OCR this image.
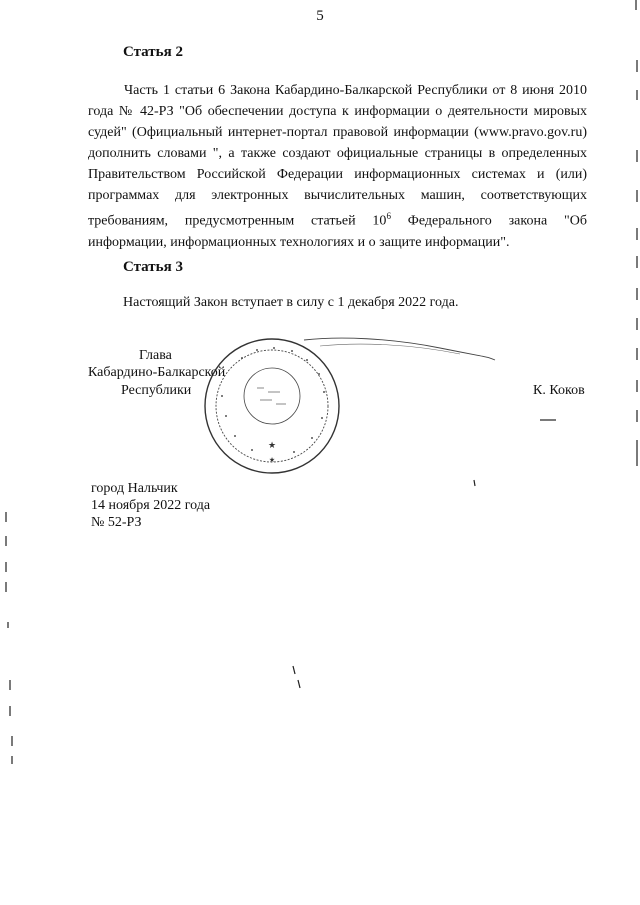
5
Статья 2
Часть 1 статьи 6 Закона Кабардино-Балкарской Республики от 8 июня 2010 года № 42-РЗ "Об обеспечении доступа к информации о деятельности мировых судей" (Официальный интернет-портал правовой информации (www.pravo.gov.ru) дополнить словами ", а также создают официальные страницы в определенных Правительством Российской Федерации информационных системах и (или) программах для электронных вычислительных машин, соответствующих требованиям, предусмотренным статьей $10^6$ Федерального закона "Об информации, информационных технологиях и о защите информации".
Статья 3
Настоящий Закон вступает в силу с 1 декабря 2022 года.
★
★
Глава
Кабардино-Балкарской
Республики	К. Коков
город Нальчик
14 ноября 2022 года
№ 52-РЗ
